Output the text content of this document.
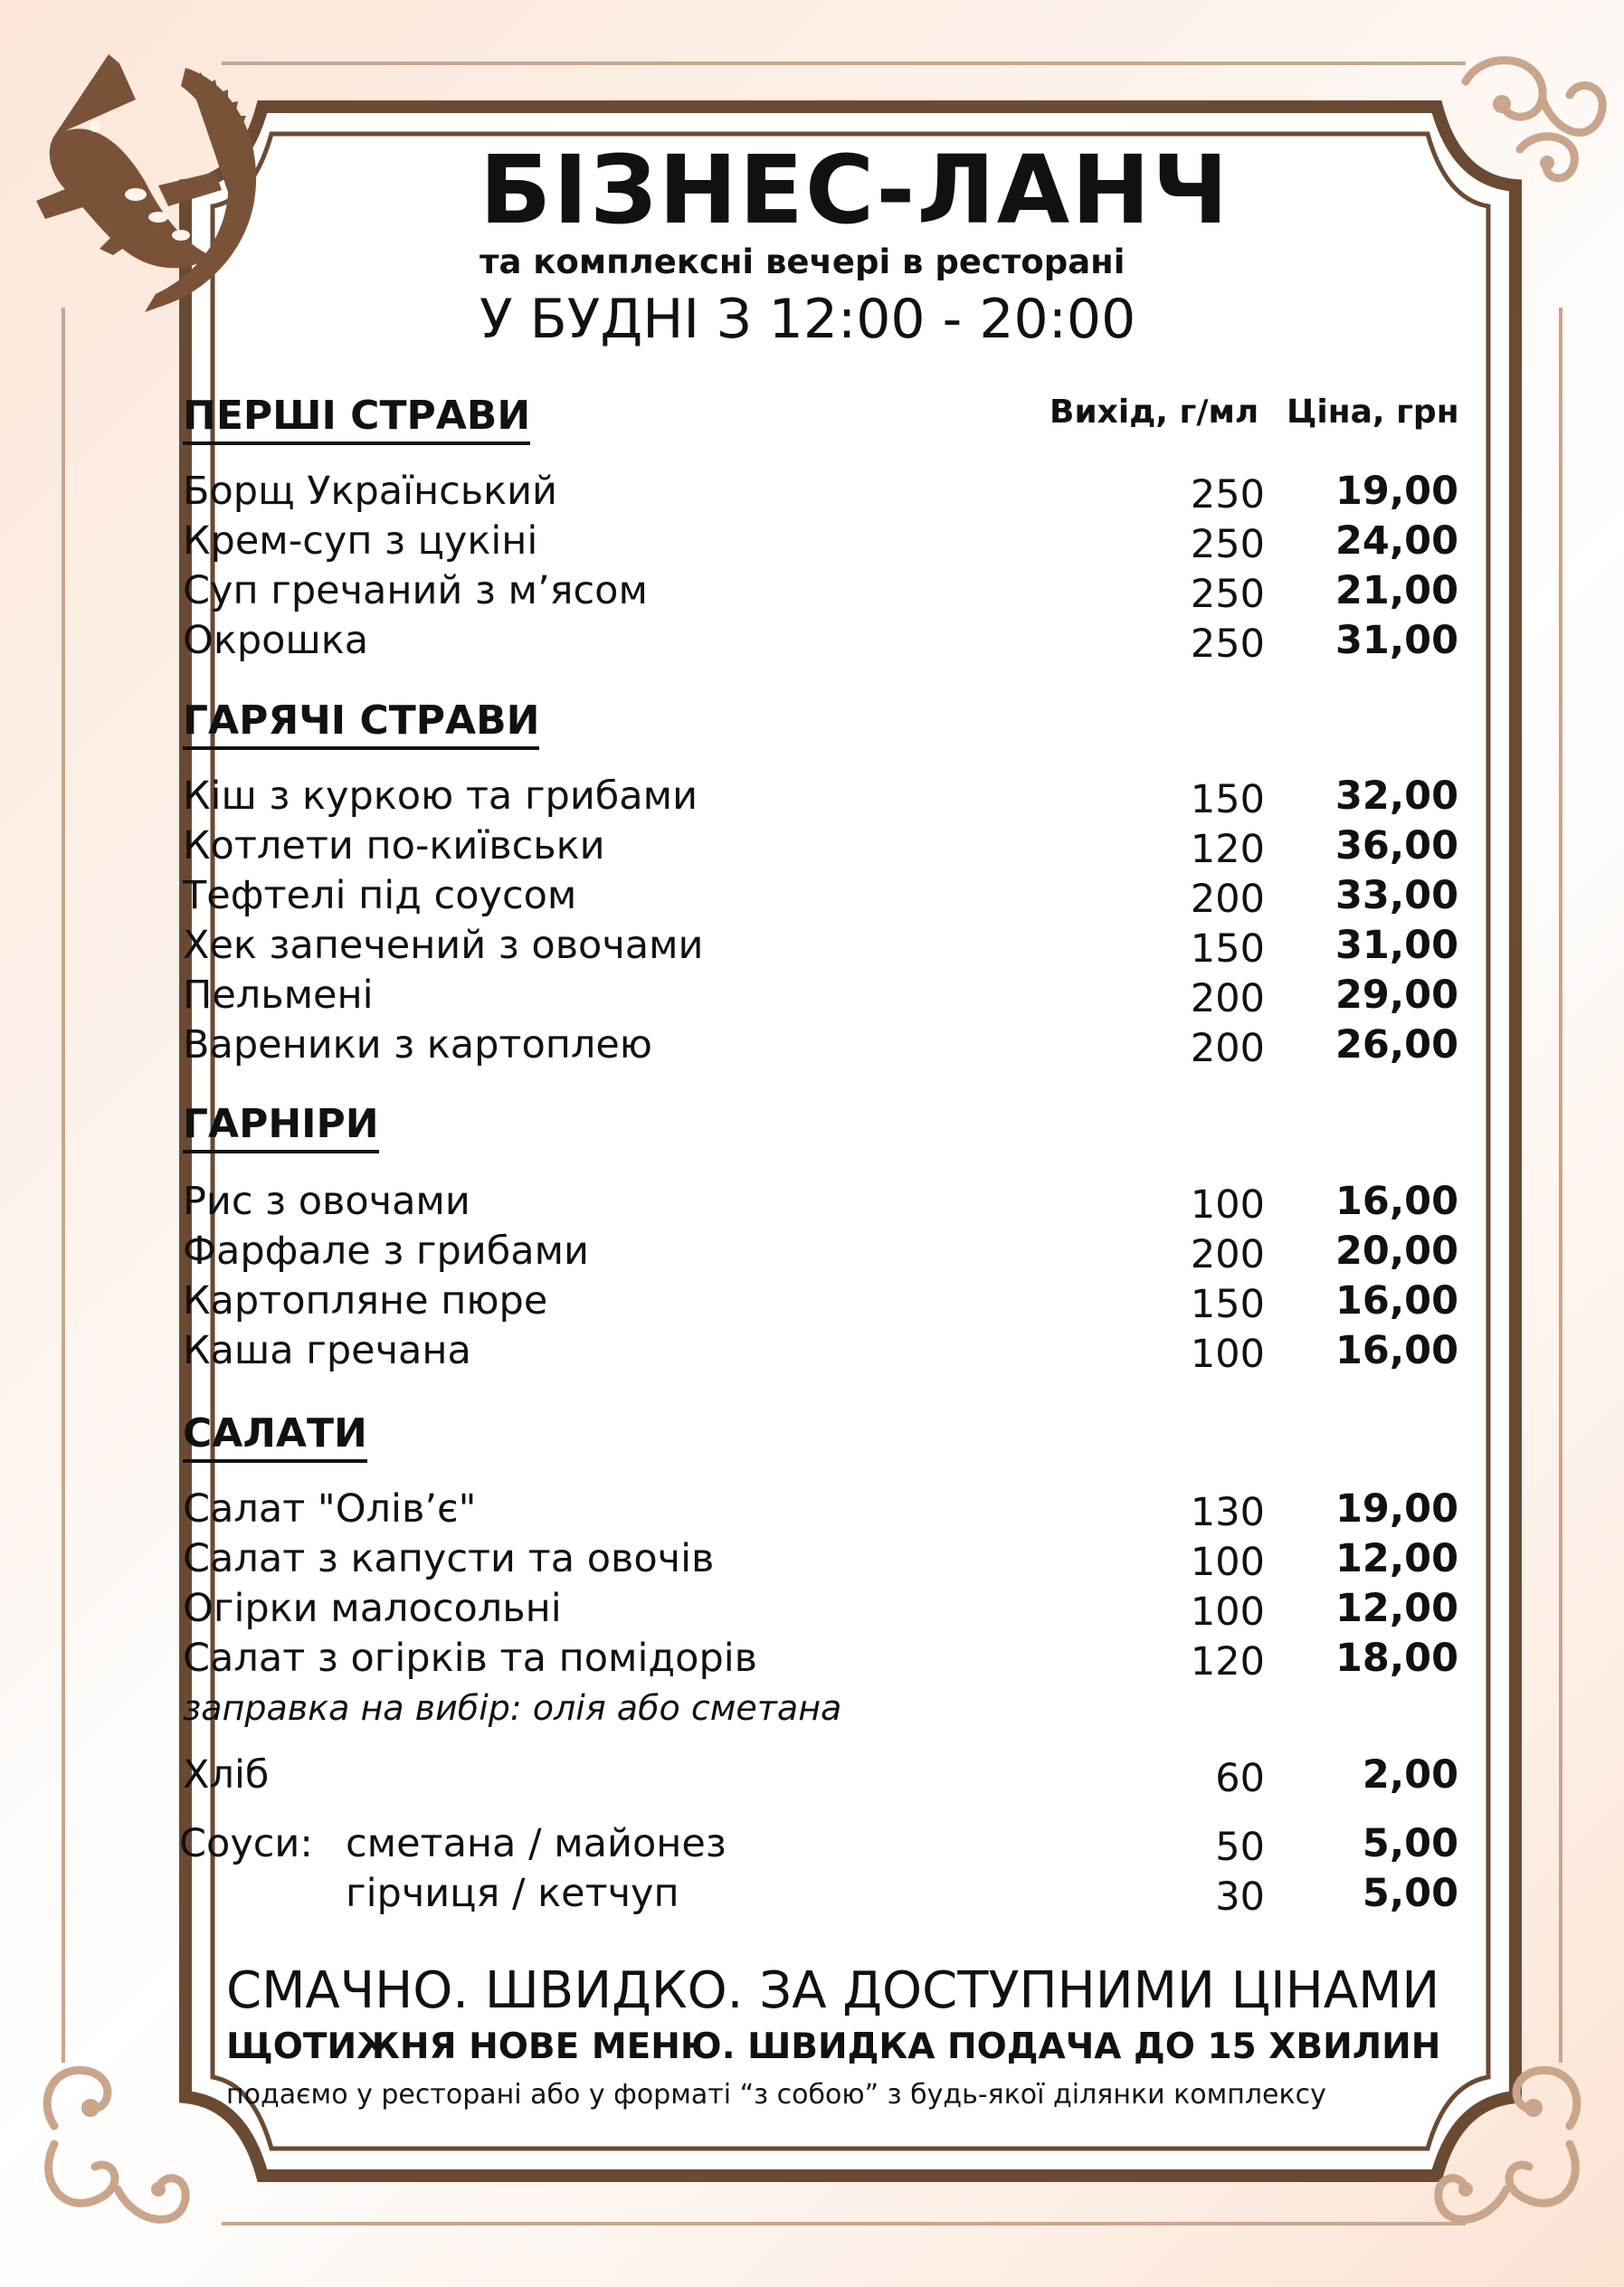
БІЗНЕС-ЛАНЧ
та комплексні вечері в ресторані
У БУДНІ З 12:00 - 20:00
Вихід, г/мл Ціна, грн
ПЕРШІ СТРАВИ
Борщ Український	250 19,00
Крем-суп з цукіні	250 24,00
Суп гречаний з м’ясом	250 21,00
Окрошка	250 31,00
ГАРЯЧІ СТРАВИ
Кіш з куркою та грибами	150 32,00
Котлети по-київськи	120 36,00
Тефтелі під соусом	200 33,00
Хек запечений з овочами	150 31,00
Пельмені	200 29,00
Вареники з картоплею	200 26,00
ГАРНІРИ
Рис з овочами	100 16,00
Фарфале з грибами	200 20,00
Картопляне пюре	150 16,00
Каша гречана	100 16,00
САЛАТИ
Салат "Олів’є"	130 19,00
Салат з капусти та овочів	100 12,00
Огірки малосольні	100 12,00
Салат з огірків та помідорів	120 18,00
заправка на вибір: олія або сметана
Хліб	60	2,00
Соуси: сметана / майонез	50	5,00
гірчиця / кетчуп	30	5,00
СМАЧНО. ШВИДКО. ЗА ДОСТУПНИМИ ЦІНАМИ
ЩОТИЖНЯ НОВЕ МЕНЮ. ШВИДКА ПОДАЧА ДО 15 ХВИЛИН
подаємо у ресторані або у форматі “з собою” з будь-якої ділянки комплексу
